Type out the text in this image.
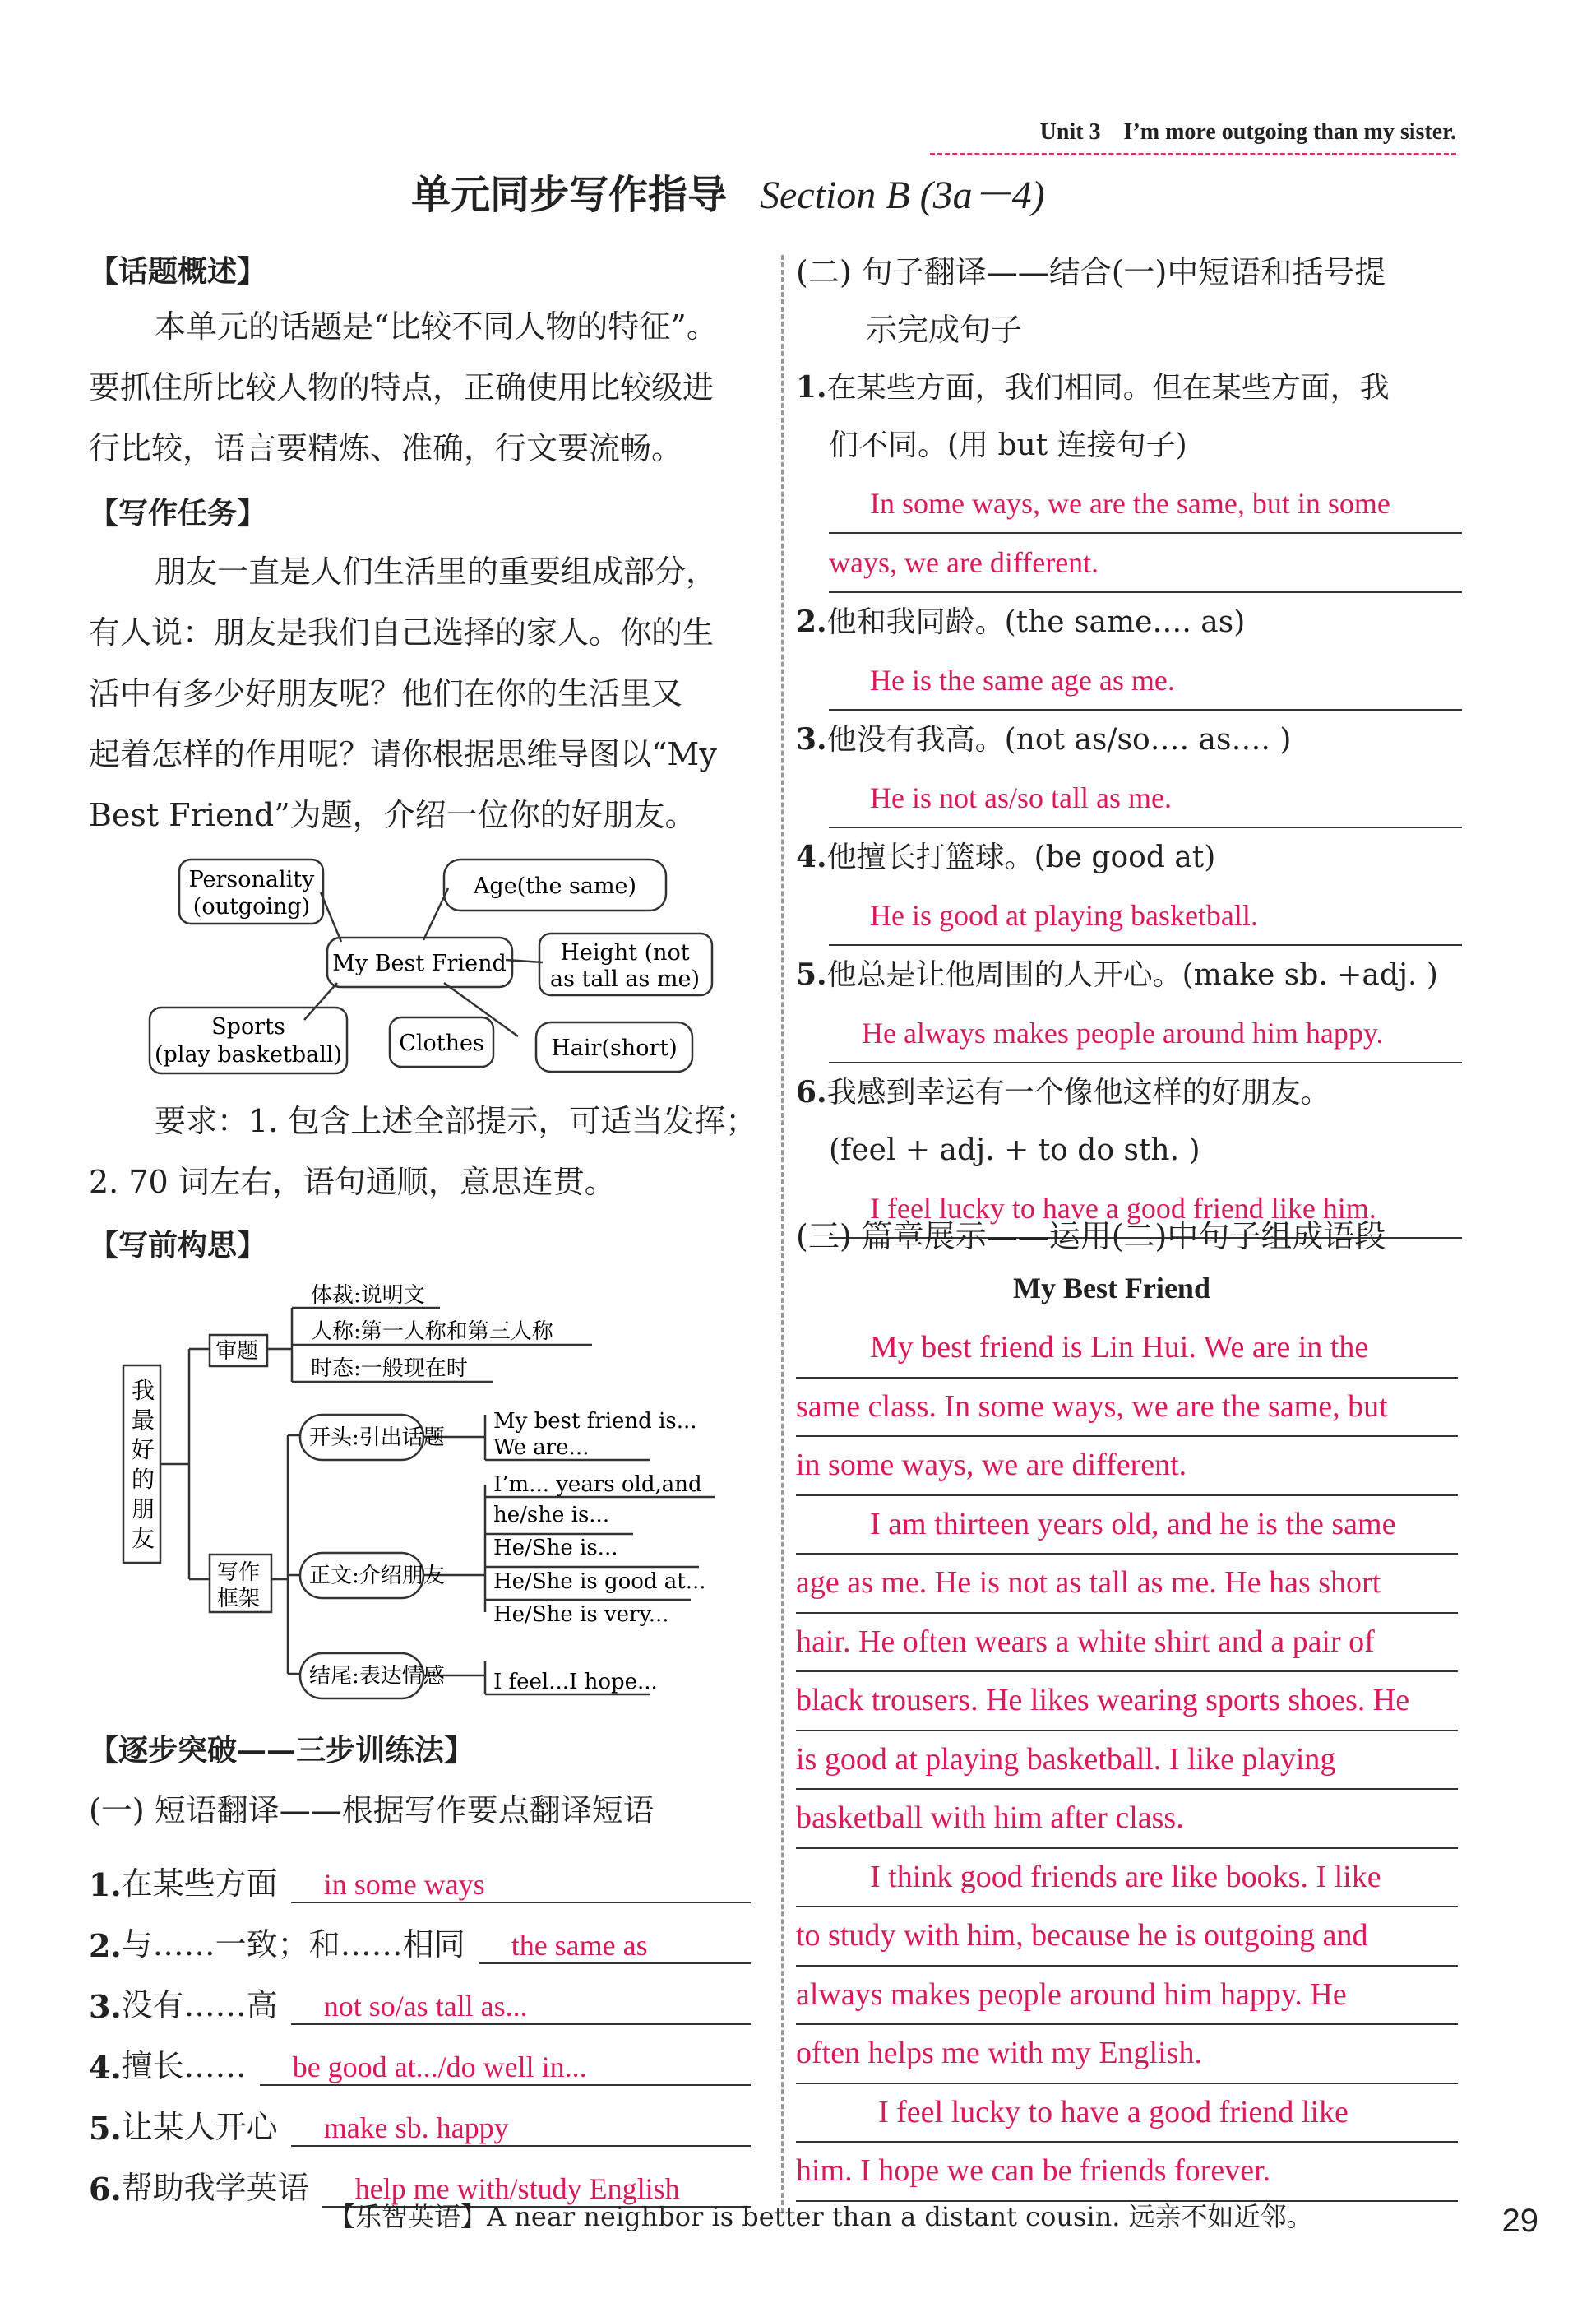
Unit 3　I’m more outgoing than my sister.
单元同步写作指导 Section B (3a－4)
【话题概述】
本单元的话题是“比较不同人物的特征”。
要抓住所比较人物的特点，正确使用比较级进
行比较，语言要精炼、准确，行文要流畅。
【写作任务】
朋友一直是人们生活里的重要组成部分，
有人说：朋友是我们自己选择的家人。你的生
活中有多少好朋友呢？他们在你的生活里又
起着怎样的作用呢？请你根据思维导图以“My
Best Friend”为题，介绍一位你的好朋友。
Personality
(outgoing)
Age(the same)
My Best Friend Height (not
as tall as me)
Sports
(play basketball)	Clothes	Hair(short)
要求：1. 包含上述全部提示，可适当发挥；
2. 70 词左右，语句通顺，意思连贯。
【写前构思】
我
最
好
的
朋
友
审题
体裁:说明文
人称:第一人称和第三人称
时态:一般现在时
写作
框架
开头:引出话题
正文:介绍朋友
结尾:表达情感
My best friend is...
We are...
I’m... years old,and
he/she is...
He/She is...
He/She is good at...
He/She is very...
I feel...I hope...
【逐步突破——三步训练法】
(一) 短语翻译——根据写作要点翻译短语
1. 在某些方面	in some ways
2. 与……一致；和……相同	the same as
3. 没有……高	not so/as tall as...
4. 擅长……	be good at.../do well in...
5. 让某人开心	make sb. happy
6. 帮助我学英语	help me with/study English
(二) 句子翻译——结合(一)中短语和括号提
示完成句子
1.在某些方面，我们相同。但在某些方面，我
们不同。(用 but 连接句子)
In some ways, we are the same, but in some
ways, we are different.
2.他和我同龄。(the same…. as)
He is the same age as me.
3.他没有我高。(not as/so…. as…. )
He is not as/so tall as me.
4.他擅长打篮球。(be good at)
He is good at playing basketball.
5.他总是让他周围的人开心。(make sb. +adj. )
He always makes people around him happy.
6.我感到幸运有一个像他这样的好朋友。
(feel + adj. + to do sth. )
I feel lucky to have a good friend like him.
(三) 篇章展示——运用(二)中句子组成语段
My Best Friend
My best friend is Lin Hui. We are in the
same class. In some ways, we are the same, but
in some ways, we are different.
I am thirteen years old, and he is the same
age as me. He is not as tall as me. He has short
hair. He often wears a white shirt and a pair of
black trousers. He likes wearing sports shoes. He
is good at playing basketball. I like playing
basketball with him after class.
I think good friends are like books. I like
to study with him, because he is outgoing and
always makes people around him happy. He
often helps me with my English.
I feel lucky to have a good friend like
him. I hope we can be friends forever.
【乐智英语】A near neighbor is better than a distant cousin. 远亲不如近邻。	29
